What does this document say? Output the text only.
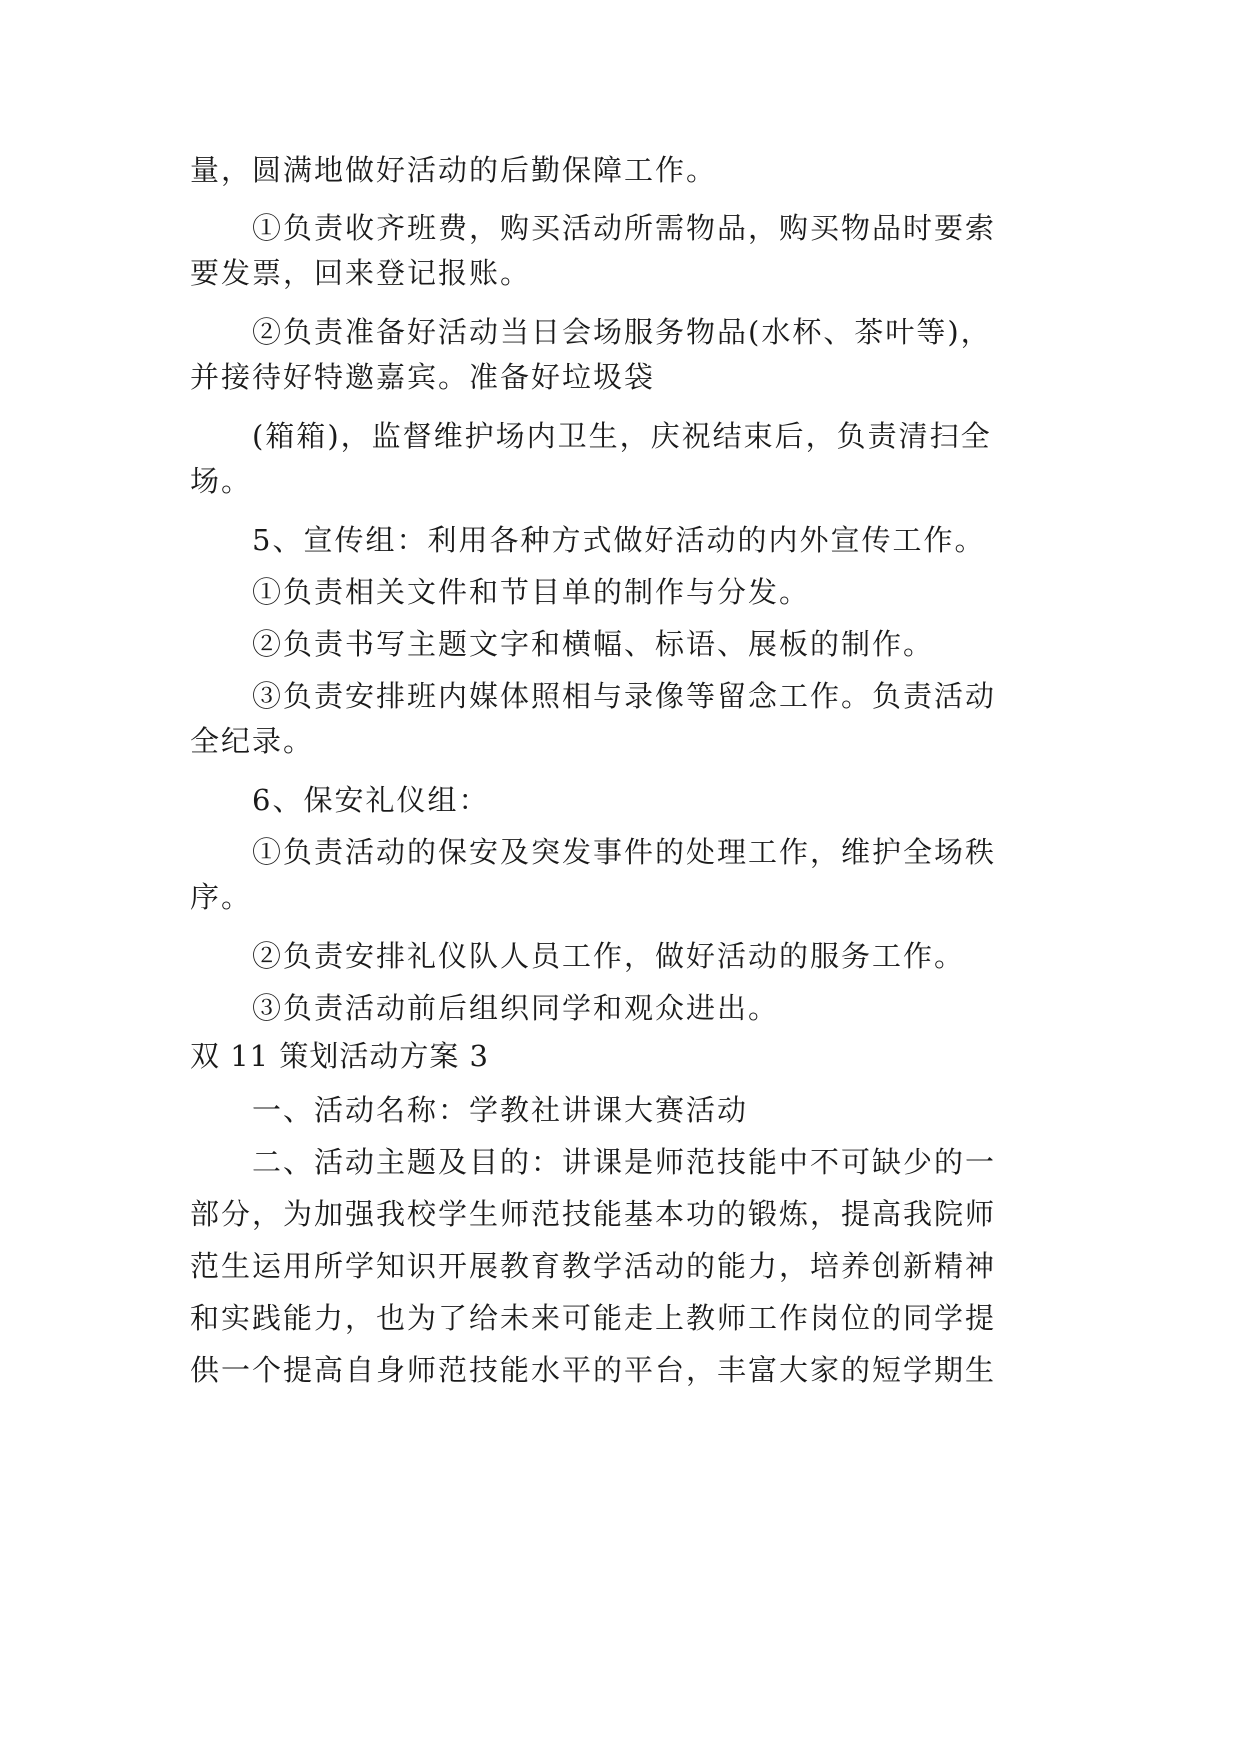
量，圆满地做好活动的后勤保障工作。
①负责收齐班费，购买活动所需物品，购买物品时要索
要发票，回来登记报账。
②负责准备好活动当日会场服务物品(水杯、茶叶等)，
并接待好特邀嘉宾。准备好垃圾袋
(箱箱)，监督维护场内卫生，庆祝结束后，负责清扫全
场。
5、宣传组：利用各种方式做好活动的内外宣传工作。
①负责相关文件和节目单的制作与分发。
②负责书写主题文字和横幅、标语、展板的制作。
③负责安排班内媒体照相与录像等留念工作。负责活动
全纪录。
6、保安礼仪组：
①负责活动的保安及突发事件的处理工作，维护全场秩
序。
②负责安排礼仪队人员工作，做好活动的服务工作。
③负责活动前后组织同学和观众进出。
双 11 策划活动方案 3
一、活动名称：学教社讲课大赛活动
二、活动主题及目的：讲课是师范技能中不可缺少的一
部分，为加强我校学生师范技能基本功的锻炼，提高我院师
范生运用所学知识开展教育教学活动的能力，培养创新精神
和实践能力，也为了给未来可能走上教师工作岗位的同学提
供一个提高自身师范技能水平的平台，丰富大家的短学期生
